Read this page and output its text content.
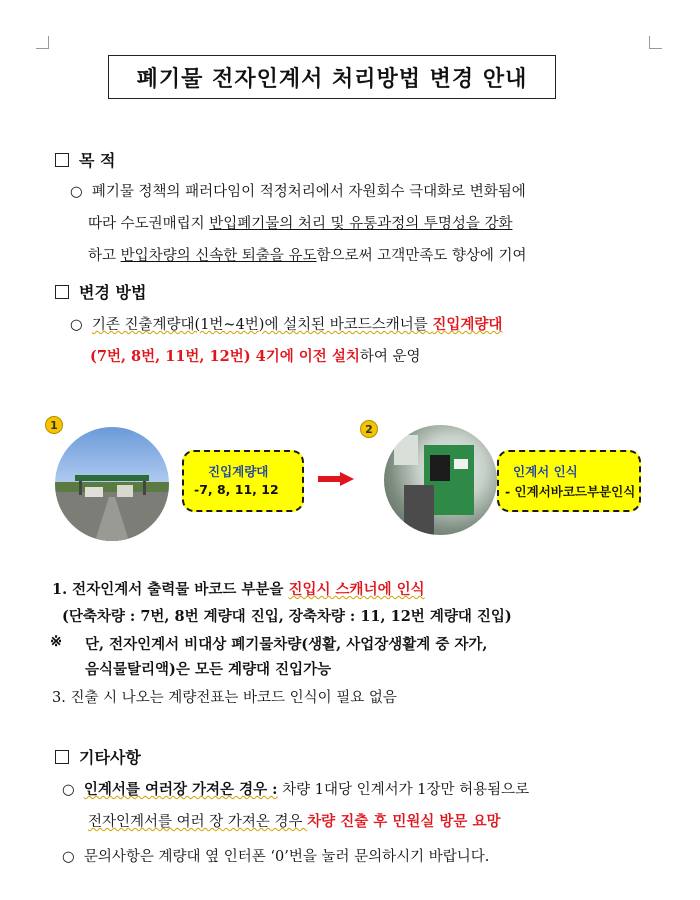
폐기물 전자인계서 처리방법 변경 안내
목 적
○ 폐기물 정책의 패러다임이 적정처리에서 자원회수 극대화로 변화됨에
따라 수도권매립지 반입폐기물의 처리 및 유통과정의 투명성을 강화
하고 반입차량의 신속한 퇴출을 유도함으로써 고객만족도 향상에 기여
변경 방법
○ 기존 진출계량대(1번~4번)에 설치된 바코드스캐너를 진입계량대
(7번, 8번, 11번, 12번) 4기에 이전 설치하여 운영
1
진입계량대
-7, 8, 11, 12
2
인계서 인식
- 인계서바코드부분인식
1. 전자인계서 출력물 바코드 부분을 진입시 스캐너에 인식
(단축차량 : 7번, 8번 계량대 진입, 장축차량 : 11, 12번 계량대 진입)
※ 단, 전자인계서 비대상 폐기물차량(생활, 사업장생활계 중 자가,
음식물탈리액)은 모든 계량대 진입가능
3. 진출 시 나오는 계량전표는 바코드 인식이 필요 없음
기타사항
○ 인계서를 여러장 가져온 경우 : 차량 1대당 인계서가 1장만 허용됨으로
전자인계서를 여러 장 가져온 경우 차량 진출 후 민원실 방문 요망
○ 문의사항은 계량대 옆 인터폰 ‘0’번을 눌러 문의하시기 바랍니다.
